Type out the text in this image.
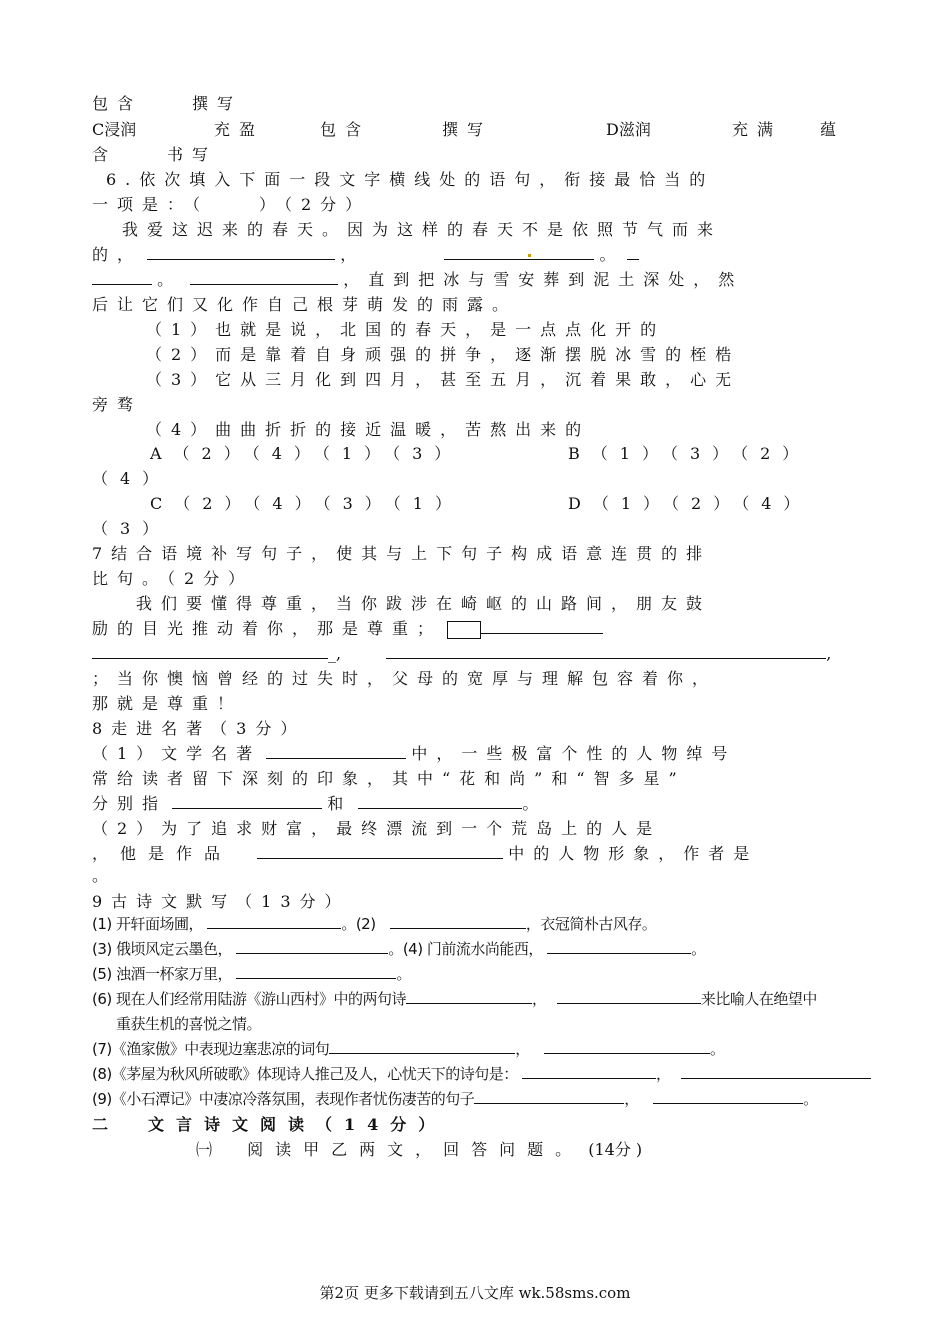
包含　　撰写
C浸润	充盈	包含	撰写	D滋润	充满 蕴
含　　书写
6.依次填入下面一段文字横线处的语句，衔接最恰当的
一项是：（　　）（2分）
我爱这迟来的春天。因为这样的春天不是依照节气而来
的，	，	。
。	，直到把冰与雪安葬到泥土深处，然
后让它们又化作自己根芽萌发的雨露。
（1）也就是说，北国的春天，是一点点化开的
（2）而是靠着自身顽强的拼争，逐渐摆脱冰雪的桎梏
（3）它从三月化到四月，甚至五月，沉着果敢，心无
旁骛
（4）曲曲折折的接近温暖，苦熬出来的
A（2）（4）（1）（3）	B（1）（3）（2）
（4）
C（2）（4）（3）（1）	D（1）（2）（4）
（3）
7结合语境补写句子，使其与上下句子构成语意连贯的排
比句。（2分）
我们要懂得尊重，当你跋涉在崎岖的山路间，朋友鼓
励的目光推动着你，那是尊重；
_,	,
；当你懊恼曾经的过失时，父母的宽厚与理解包容着你，
那就是尊重！
8走进名著（3分）
（1）文学名著	中，一些极富个性的人物绰号
常给读者留下深刻的印象，其中“花和尚”和“智多星”
分别指	和	。
（2）为了追求财富，最终漂流到一个荒岛上的人是
，他是作品	中的人物形象，作者是
。
9古诗文默写（13分）
(1) 开轩面场圃，	。(2)	，衣冠简朴古风存。
(3) 俄顷风定云墨色，	。(4) 门前流水尚能西，	。
(5) 浊酒一杯家万里，	。
(6) 现在人们经常用陆游《游山西村》中的两句诗	，	来比喻人在绝望中
重获生机的喜悦之情。
(7)《渔家傲》中表现边塞悲凉的词句	，	。
(8)《茅屋为秋风所破歌》体现诗人推己及人，心忧天下的诗句是：	，
(9)《小石潭记》中凄凉冷落氛围，表现作者忧伤凄苦的句子	，	。
二　文言诗文阅读（14分）
㈠ 阅读甲乙两文，回答问题。 (14分 )
第2页 更多下载请到五八文库 wk.58sms.com
